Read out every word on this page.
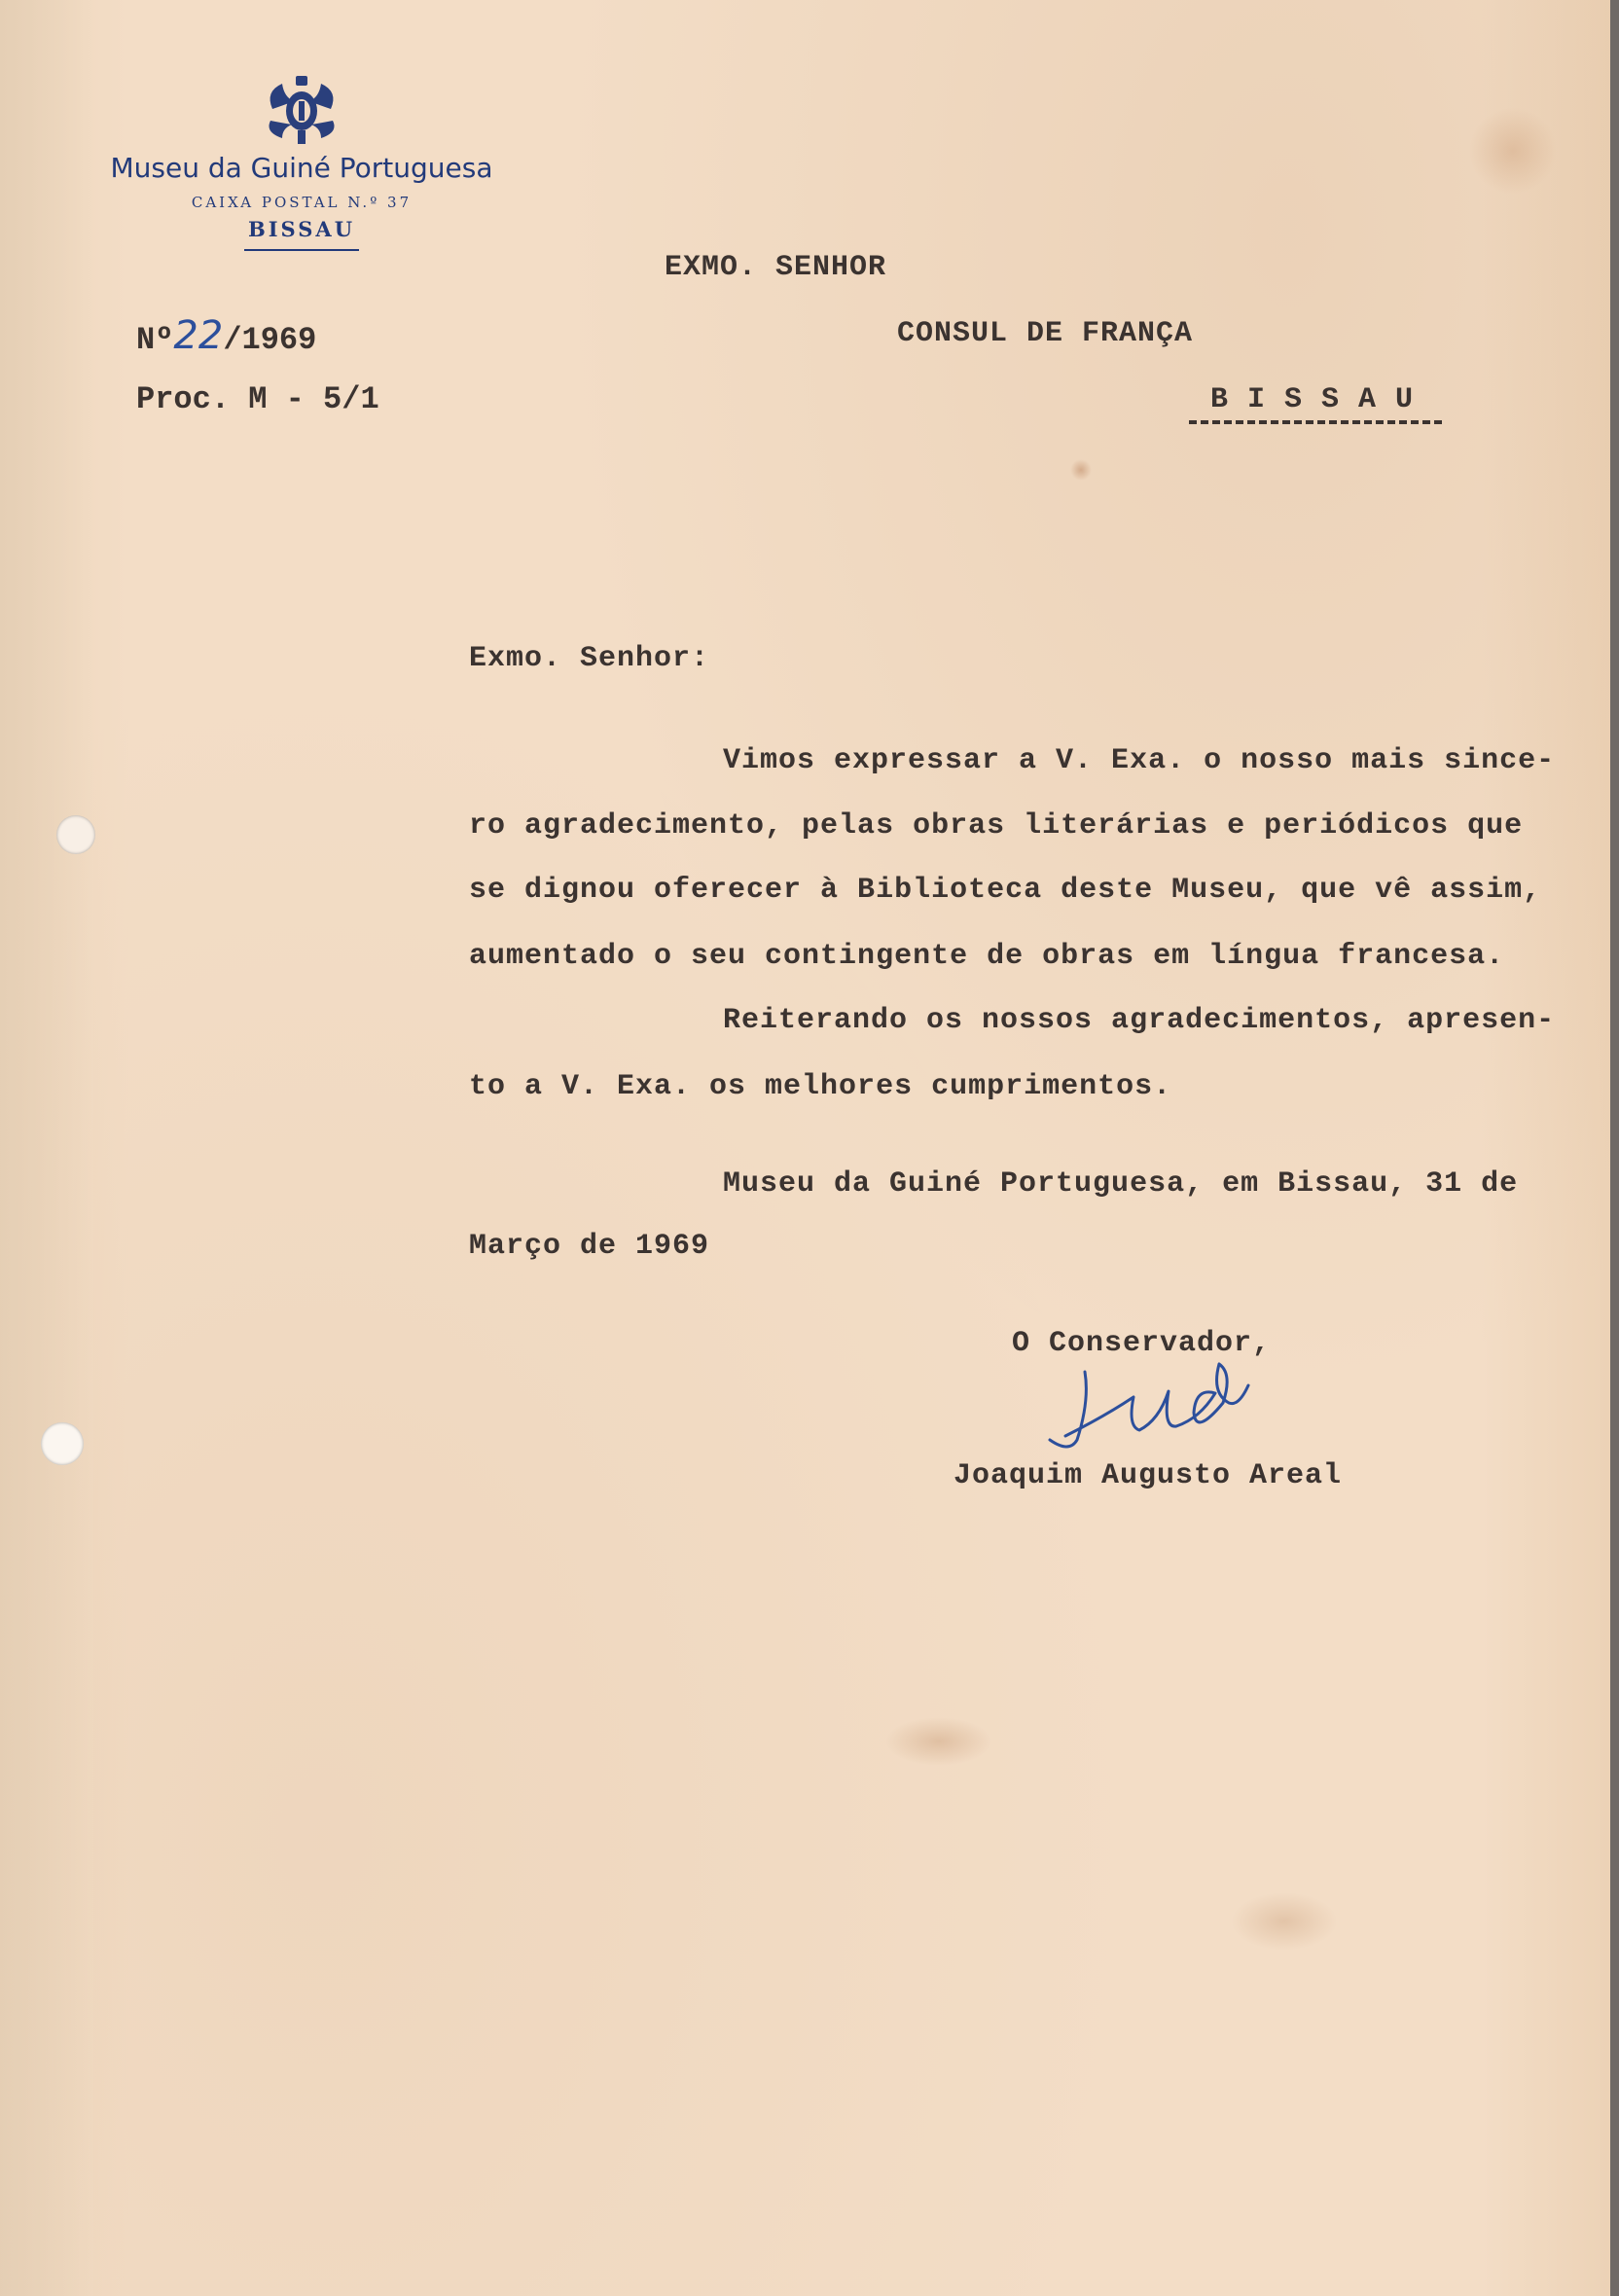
Museu da Guiné Portuguesa
CAIXA POSTAL N.º 37
BISSAU
Nº22/1969
Proc. M - 5/1
EXMO. SENHOR
CONSUL DE FRANÇA
B I S S A U
Exmo. Senhor:
Vimos expressar a V. Exa. o nosso mais since-
ro agradecimento, pelas obras literárias e periódicos que
se dignou oferecer à Biblioteca deste Museu, que vê assim,
aumentado o seu contingente de obras em língua francesa.
Reiterando os nossos agradecimentos, apresen-
to a V. Exa. os melhores cumprimentos.
Museu da Guiné Portuguesa, em Bissau, 31 de
Março de 1969
O Conservador,
Joaquim Augusto Areal
